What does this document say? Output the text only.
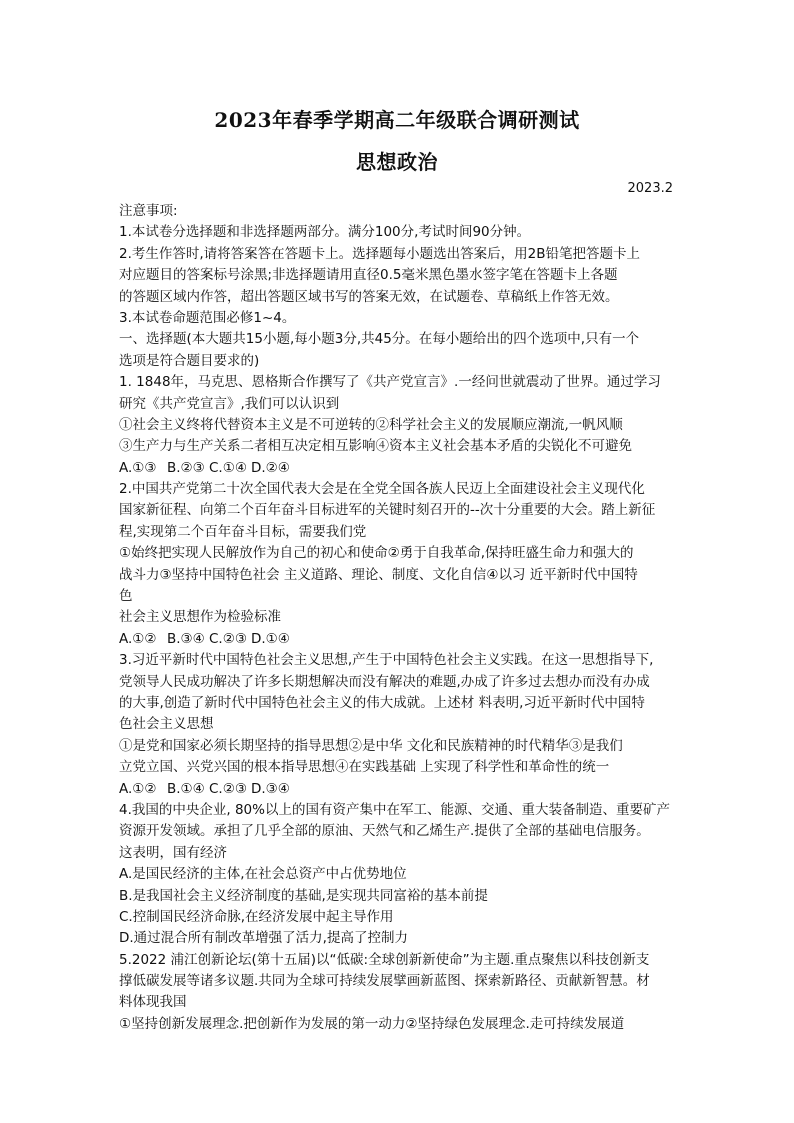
2023年春季学期高二年级联合调研测试
思想政治
2023.2
注意事项:
1.本试卷分选择题和非选择题两部分。满分100分,考试时间90分钟。
2.考生作答时,请将答案答在答题卡上。选择题每小题选出答案后，用2B铅笔把答题卡上
对应题目的答案标号涂黑;非选择题请用直径0.5毫米黑色墨水签字笔在答题卡上各题
的答题区域内作答，超出答题区域书写的答案无效，在试题卷、草稿纸上作答无效。
3.本试卷命题范围必修1~4。
一、选择题(本大题共15小题,每小题3分,共45分。在每小题给出的四个选项中,只有一个
选项是符合题目要求的)
1. 1848年，马克思、恩格斯合作撰写了《共产党宣言》.一经问世就震动了世界。通过学习
研究《共产党宣言》,我们可以认识到
①社会主义终将代替资本主义是不可逆转的②科学社会主义的发展顺应潮流,一帆风顺
③生产力与生产关系二者相互决定相互影响④资本主义社会基本矛盾的尖锐化不可避免
A.①③ B.②③ C.①④ D.②④
2.中国共产党第二十次全国代表大会是在全党全国各族人民迈上全面建设社会主义现代化
国家新征程、向第二个百年奋斗目标进军的关键时刻召开的--次十分重要的大会。踏上新征
程,实现第二个百年奋斗目标，需要我们党
①始终把实现人民解放作为自己的初心和使命②勇于自我革命,保持旺盛生命力和强大的
战斗力③坚持中国特色社会 主义道路、理论、制度、文化自信④以习 近平新时代中国特
色
社会主义思想作为检验标准
A.①② B.③④ C.②③ D.①④
3.习近平新时代中国特色社会主义思想,产生于中国特色社会主义实践。在这一思想指导下,
党领导人民成功解决了许多长期想解决而没有解决的难题,办成了许多过去想办而没有办成
的大事,创造了新时代中国特色社会主义的伟大成就。上述材 料表明,习近平新时代中国特
色社会主义思想
①是党和国家必须长期坚持的指导思想②是中华 文化和民族精神的时代精华③是我们
立党立国、兴党兴国的根本指导思想④在实践基础 上实现了科学性和革命性的统一
A.①② B.①④ C.②③ D.③④
4.我国的中央企业, 80%以上的国有资产集中在军工、能源、交通、重大装备制造、重要矿产
资源开发领域。承担了几乎全部的原油、天然气和乙烯生产.提供了全部的基础电信服务。
这表明，国有经济
A.是国民经济的主体,在社会总资产中占优势地位
B.是我国社会主义经济制度的基础,是实现共同富裕的基本前提
C.控制国民经济命脉,在经济发展中起主导作用
D.通过混合所有制改革增强了活力,提高了控制力
5.2022 浦江创新论坛(第十五届)以“低碳:全球创新新使命”为主题.重点聚焦以科技创新支
撑低碳发展等诸多议题.共同为全球可持续发展擘画新蓝图、探索新路径、贡献新智慧。材
料体现我国
①坚持创新发展理念.把创新作为发展的第一动力②坚持绿色发展理念.走可持续发展道
